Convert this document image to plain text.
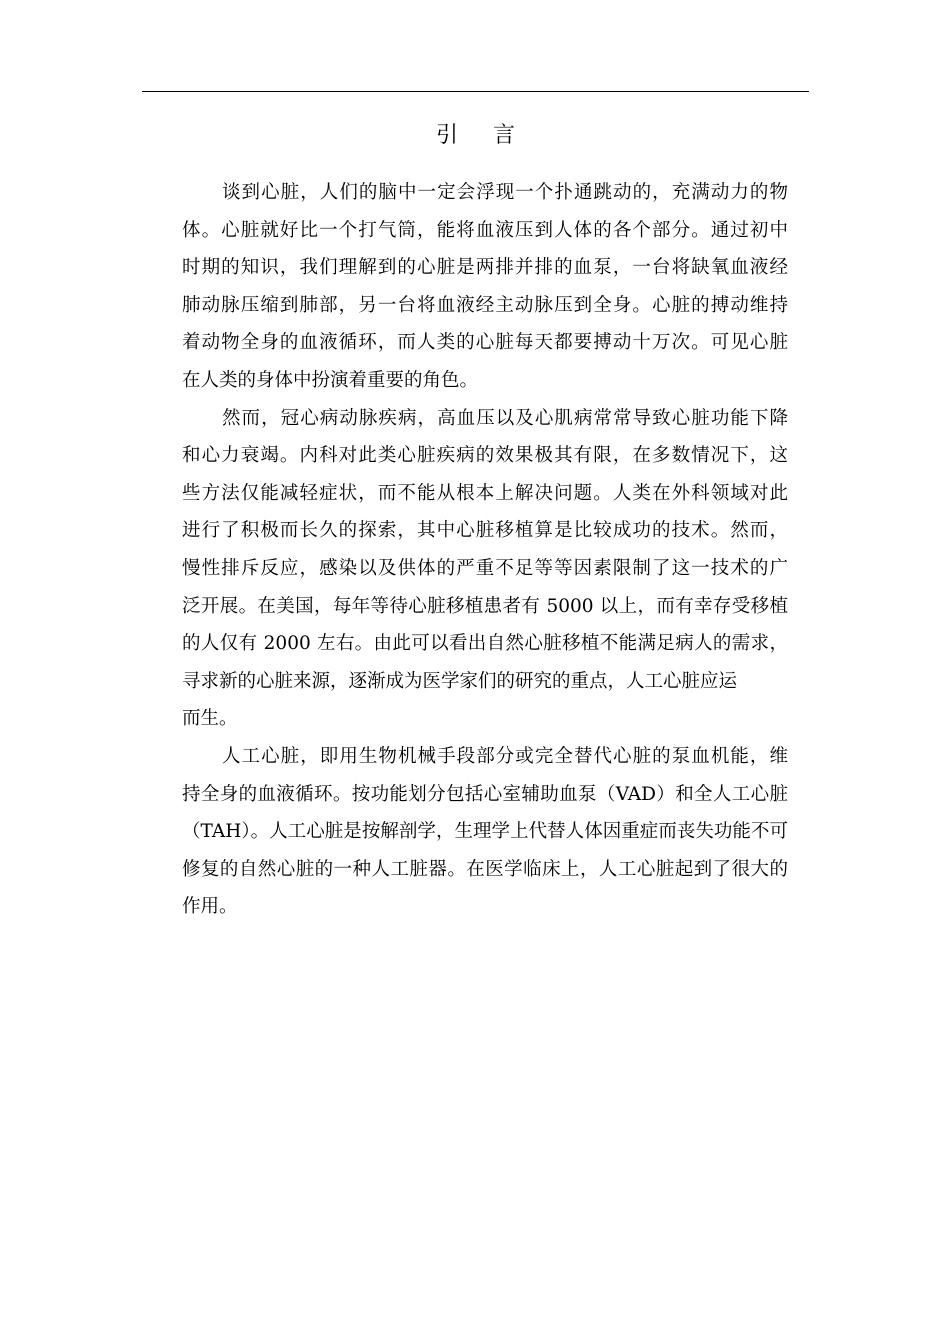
引 言
谈到心脏，人们的脑中一定会浮现一个扑通跳动的，充满动力的物
体。心脏就好比一个打气筒，能将血液压到人体的各个部分。通过初中
时期的知识，我们理解到的心脏是两排并排的血泵，一台将缺氧血液经
肺动脉压缩到肺部，另一台将血液经主动脉压到全身。心脏的搏动维持
着动物全身的血液循环，而人类的心脏每天都要搏动十万次。可见心脏
在人类的身体中扮演着重要的角色。
然而，冠心病动脉疾病，高血压以及心肌病常常导致心脏功能下降
和心力衰竭。内科对此类心脏疾病的效果极其有限，在多数情况下，这
些方法仅能减轻症状，而不能从根本上解决问题。人类在外科领域对此
进行了积极而长久的探索，其中心脏移植算是比较成功的技术。然而，
慢性排斥反应，感染以及供体的严重不足等等因素限制了这一技术的广
泛开展。在美国，每年等待心脏移植患者有 5000 以上，而有幸存受移植
的人仅有 2000 左右。由此可以看出自然心脏移植不能满足病人的需求，
寻求新的心脏来源，逐渐成为医学家们的研究的重点，人工心脏应运
而生。
人工心脏，即用生物机械手段部分或完全替代心脏的泵血机能，维
持全身的血液循环。按功能划分包括心室辅助血泵（VAD）和全人工心脏
（TAH）。人工心脏是按解剖学，生理学上代替人体因重症而丧失功能不可
修复的自然心脏的一种人工脏器。在医学临床上，人工心脏起到了很大的
作用。
